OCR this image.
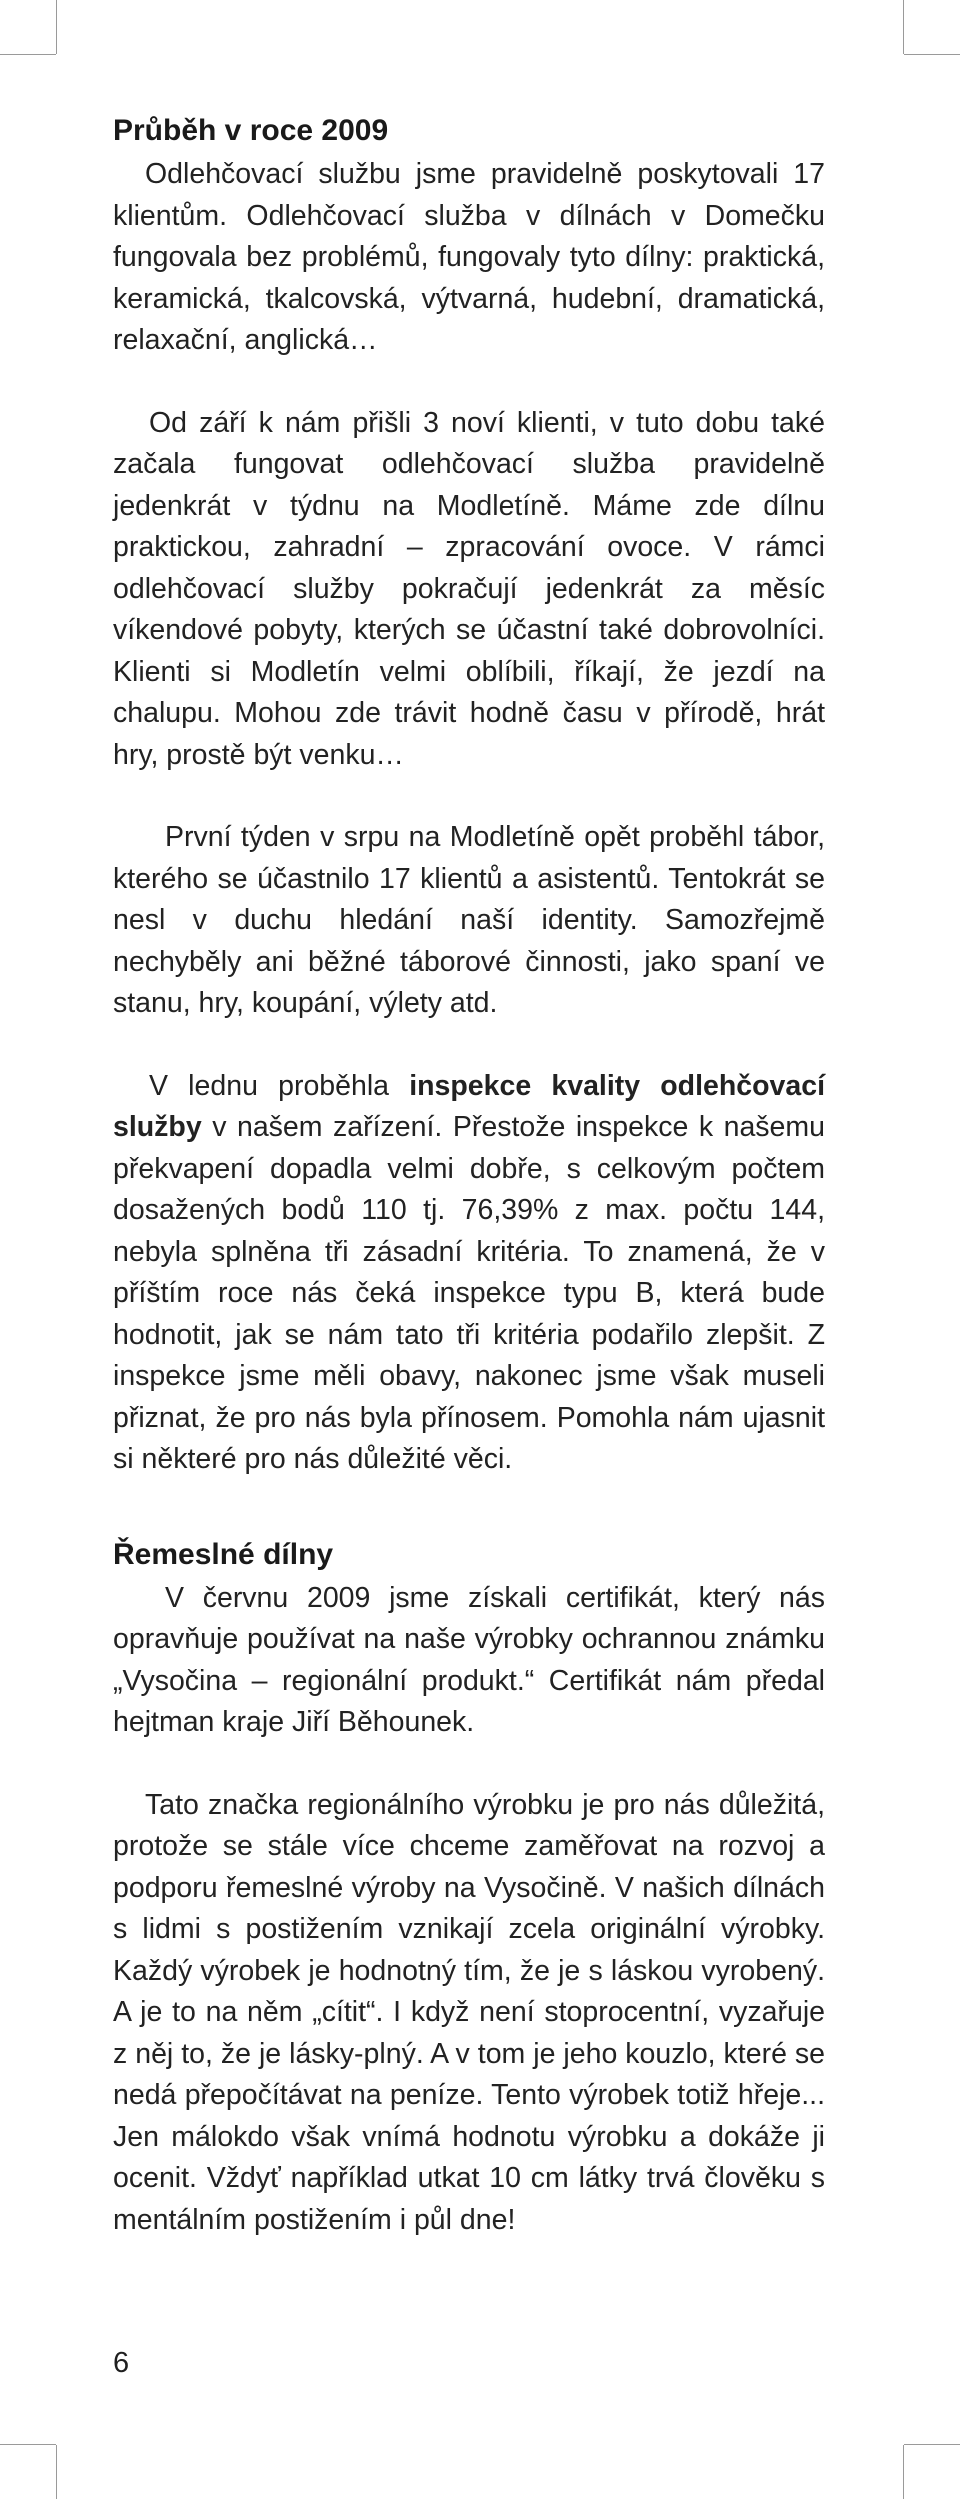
Průběh v roce 2009

Odlehčovací službu jsme pravidelně poskytovali 17 klientům. Odlehčovací služba v dílnách v Domečku fungovala bez problémů, fungovaly tyto dílny: praktická, keramická, tkalcovská, výtvarná, hudební, dramatická, relaxační, anglická…

Od září k nám přišli 3 noví klienti, v tuto dobu také začala fungovat odlehčovací služba pravidelně jedenkrát v týdnu na Modletíně. Máme zde dílnu praktickou, zahradní – zpracování ovoce. V rámci odlehčovací služby pokračují jedenkrát za měsíc víkendové pobyty, kterých se účastní také dobrovolníci. Klienti si Modletín velmi oblíbili, říkají, že jezdí na chalupu. Mohou zde trávit hodně času v přírodě, hrát hry, prostě být venku…

První týden v srpu na Modletíně opět proběhl tábor, kterého se účastnilo 17 klientů a asistentů. Tentokrát se nesl v duchu hledání naší identity. Samozřejmě nechyběly ani běžné táborové činnosti, jako spaní ve stanu, hry, koupání, výlety atd.

V lednu proběhla inspekce kvality odlehčovací služby v našem zařízení. Přestože inspekce k našemu překvapení dopadla velmi dobře, s celkovým počtem dosažených bodů 110 tj. 76,39% z max. počtu 144, nebyla splněna tři zásadní kritéria. To znamená, že v příštím roce nás čeká inspekce typu B, která bude hodnotit, jak se nám tato tři kritéria podařilo zlepšit. Z inspekce jsme měli obavy, nakonec jsme však museli přiznat, že pro nás byla přínosem. Pomohla nám ujasnit si některé pro nás důležité věci.

Řemeslné dílny

V červnu 2009 jsme získali certifikát, který nás opravňuje používat na naše výrobky ochrannou známku „Vysočina – regionální produkt.“ Certifikát nám předal hejtman kraje Jiří Běhounek.

Tato značka regionálního výrobku je pro nás důležitá, protože se stále více chceme zaměřovat na rozvoj a podporu řemeslné výroby na Vysočině. V našich dílnách s lidmi s postižením vznikají zcela originální výrobky. Každý výrobek je hodnotný tím, že je s láskou vyrobený. A je to na něm „cítit“. I když není stoprocentní, vyzařuje z něj to, že je lásky-plný. A v tom je jeho kouzlo, které se nedá přepočítávat na peníze. Tento výrobek totiž hřeje... Jen málokdo však vnímá hodnotu výrobku a dokáže ji ocenit. Vždyť například utkat 10 cm látky trvá člověku s mentálním postižením i půl dne!

6
